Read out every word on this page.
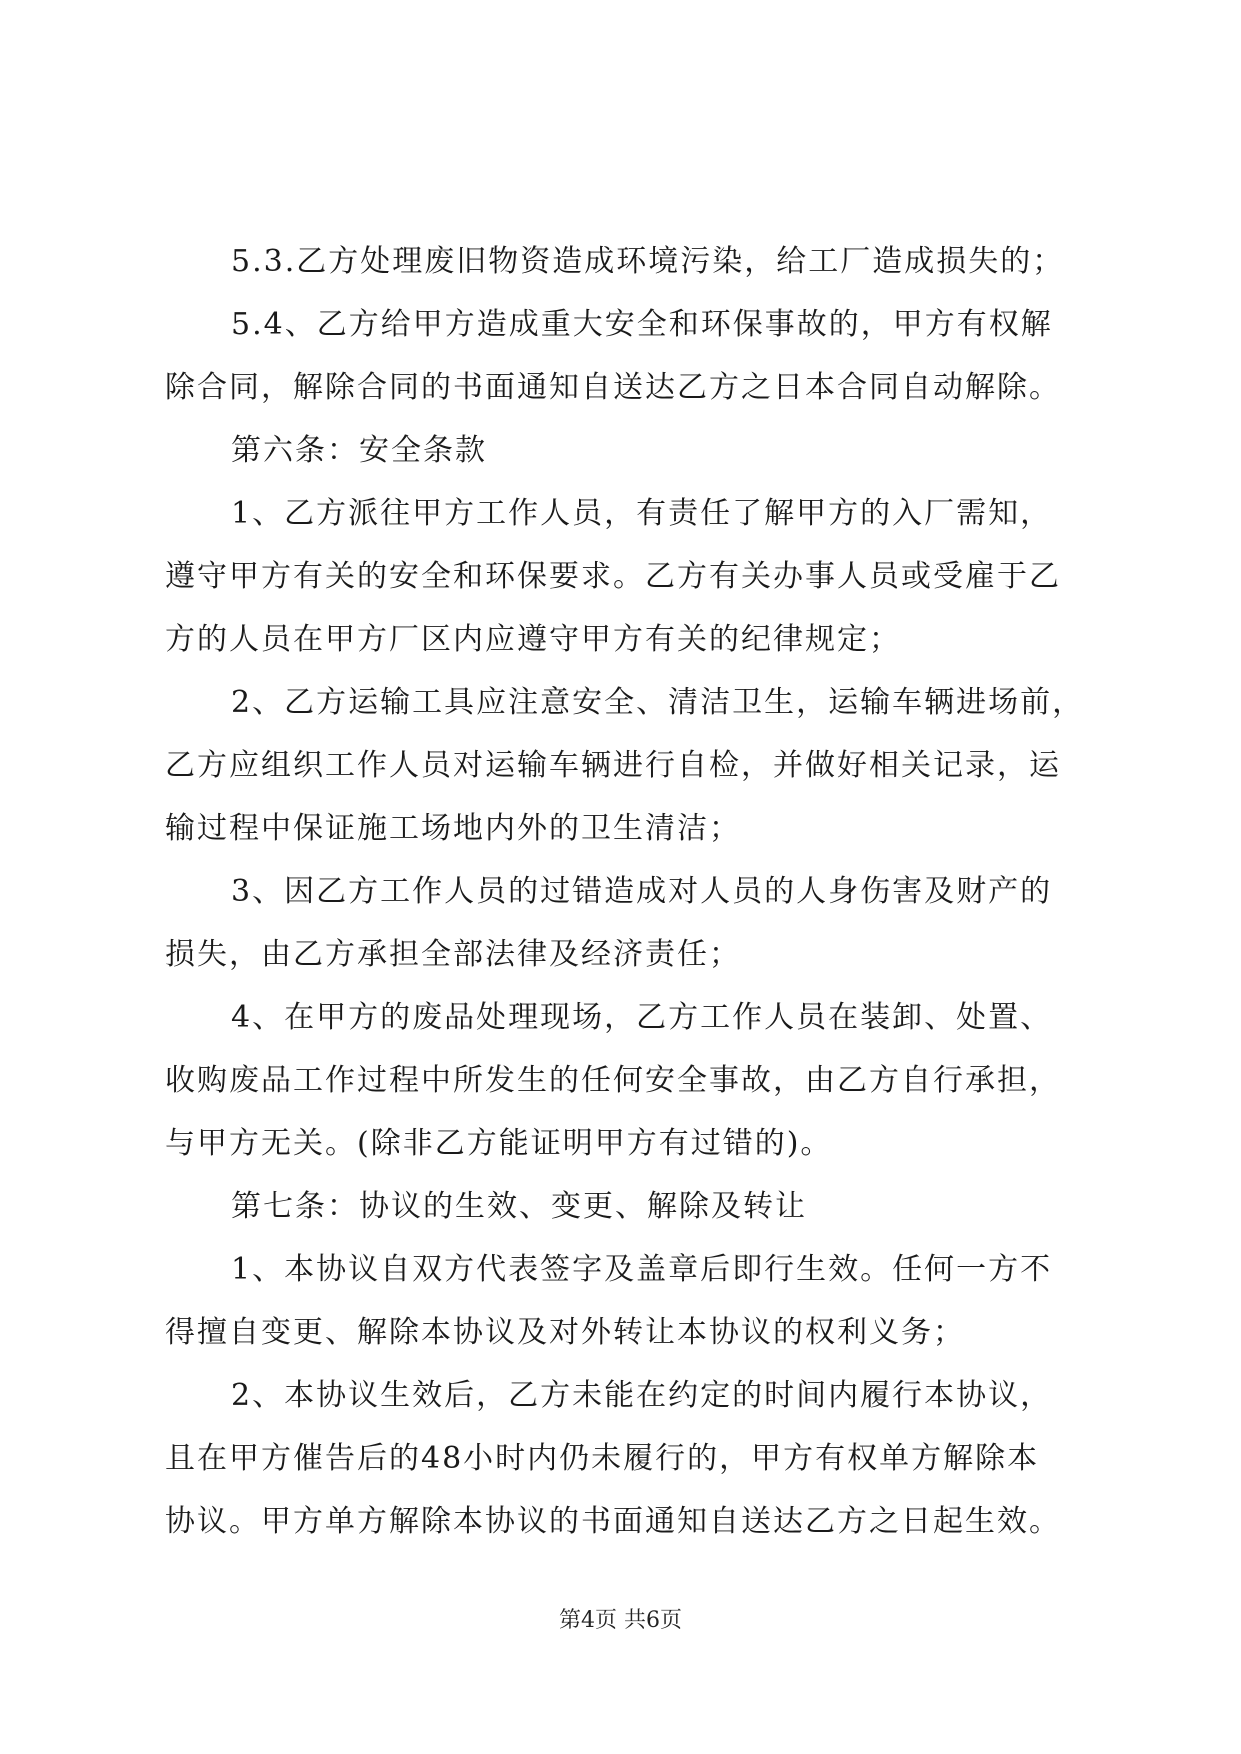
5.3.乙方处理废旧物资造成环境污染，给工厂造成损失的；
5.4、乙方给甲方造成重大安全和环保事故的，甲方有权解
除合同，解除合同的书面通知自送达乙方之日本合同自动解除。
第六条：安全条款
1、乙方派往甲方工作人员，有责任了解甲方的入厂需知，
遵守甲方有关的安全和环保要求。乙方有关办事人员或受雇于乙
方的人员在甲方厂区内应遵守甲方有关的纪律规定；
2、乙方运输工具应注意安全、清洁卫生，运输车辆进场前，
乙方应组织工作人员对运输车辆进行自检，并做好相关记录，运
输过程中保证施工场地内外的卫生清洁；
3、因乙方工作人员的过错造成对人员的人身伤害及财产的
损失，由乙方承担全部法律及经济责任；
4、在甲方的废品处理现场，乙方工作人员在装卸、处置、
收购废品工作过程中所发生的任何安全事故，由乙方自行承担，
与甲方无关。(除非乙方能证明甲方有过错的)。
第七条：协议的生效、变更、解除及转让
1、本协议自双方代表签字及盖章后即行生效。任何一方不
得擅自变更、解除本协议及对外转让本协议的权利义务；
2、本协议生效后，乙方未能在约定的时间内履行本协议，
且在甲方催告后的48小时内仍未履行的，甲方有权单方解除本
协议。甲方单方解除本协议的书面通知自送达乙方之日起生效。
第4页 共6页
